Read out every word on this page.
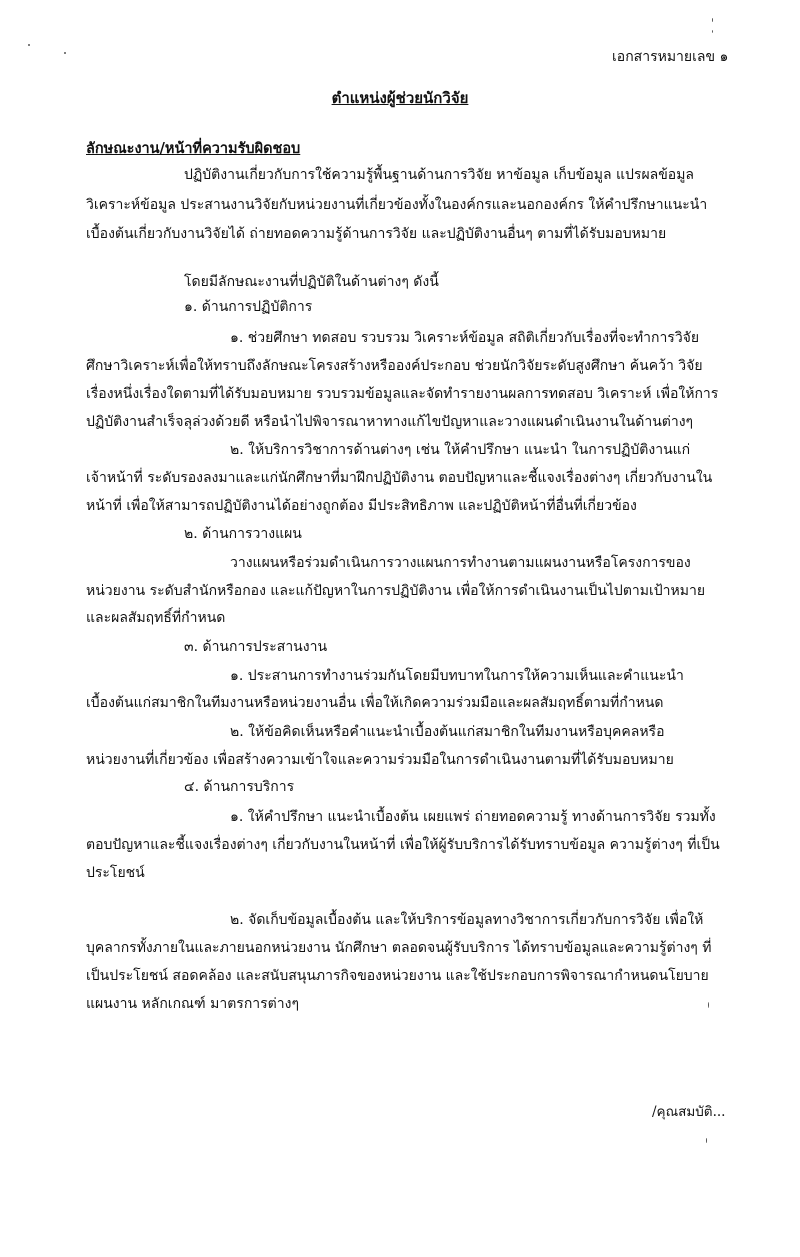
เอกสารหมายเลข ๑
ตำแหน่งผู้ช่วยนักวิจัย
ลักษณะงาน/หน้าที่ความรับผิดชอบ
ปฏิบัติงานเกี่ยวกับการใช้ความรู้พื้นฐานด้านการวิจัย หาข้อมูล เก็บข้อมูล แปรผลข้อมูล
วิเคราะห์ข้อมูล ประสานงานวิจัยกับหน่วยงานที่เกี่ยวข้องทั้งในองค์กรและนอกองค์กร ให้คำปรึกษาแนะนำ
เบื้องต้นเกี่ยวกับงานวิจัยได้ ถ่ายทอดความรู้ด้านการวิจัย และปฏิบัติงานอื่นๆ ตามที่ได้รับมอบหมาย
โดยมีลักษณะงานที่ปฏิบัติในด้านต่างๆ ดังนี้
๑. ด้านการปฏิบัติการ
๑. ช่วยศึกษา ทดสอบ รวบรวม วิเคราะห์ข้อมูล สถิติเกี่ยวกับเรื่องที่จะทำการวิจัย
ศึกษาวิเคราะห์เพื่อให้ทราบถึงลักษณะโครงสร้างหรือองค์ประกอบ ช่วยนักวิจัยระดับสูงศึกษา ค้นคว้า วิจัย
เรื่องหนึ่งเรื่องใดตามที่ได้รับมอบหมาย รวบรวมข้อมูลและจัดทำรายงานผลการทดสอบ วิเคราะห์ เพื่อให้การ
ปฏิบัติงานสำเร็จลุล่วงด้วยดี หรือนำไปพิจารณาหาทางแก้ไขปัญหาและวางแผนดำเนินงานในด้านต่างๆ
๒. ให้บริการวิชาการด้านต่างๆ เช่น ให้คำปรึกษา แนะนำ ในการปฏิบัติงานแก่
เจ้าหน้าที่ ระดับรองลงมาและแก่นักศึกษาที่มาฝึกปฏิบัติงาน ตอบปัญหาและชี้แจงเรื่องต่างๆ เกี่ยวกับงานใน
หน้าที่ เพื่อให้สามารถปฏิบัติงานได้อย่างถูกต้อง มีประสิทธิภาพ และปฏิบัติหน้าที่อื่นที่เกี่ยวข้อง
๒. ด้านการวางแผน
วางแผนหรือร่วมดำเนินการวางแผนการทำงานตามแผนงานหรือโครงการของ
หน่วยงาน ระดับสำนักหรือกอง และแก้ปัญหาในการปฏิบัติงาน เพื่อให้การดำเนินงานเป็นไปตามเป้าหมาย
และผลสัมฤทธิ์ที่กำหนด
๓. ด้านการประสานงาน
๑. ประสานการทำงานร่วมกันโดยมีบทบาทในการให้ความเห็นและคำแนะนำ
เบื้องต้นแก่สมาชิกในทีมงานหรือหน่วยงานอื่น เพื่อให้เกิดความร่วมมือและผลสัมฤทธิ์ตามที่กำหนด
๒. ให้ข้อคิดเห็นหรือคำแนะนำเบื้องต้นแก่สมาชิกในทีมงานหรือบุคคลหรือ
หน่วยงานที่เกี่ยวข้อง เพื่อสร้างความเข้าใจและความร่วมมือในการดำเนินงานตามที่ได้รับมอบหมาย
๔. ด้านการบริการ
๑. ให้คำปรึกษา แนะนำเบื้องต้น เผยแพร่ ถ่ายทอดความรู้ ทางด้านการวิจัย รวมทั้ง
ตอบปัญหาและชี้แจงเรื่องต่างๆ เกี่ยวกับงานในหน้าที่ เพื่อให้ผู้รับบริการได้รับทราบข้อมูล ความรู้ต่างๆ ที่เป็น
ประโยชน์
๒. จัดเก็บข้อมูลเบื้องต้น และให้บริการข้อมูลทางวิชาการเกี่ยวกับการวิจัย เพื่อให้
บุคลากรทั้งภายในและภายนอกหน่วยงาน นักศึกษา ตลอดจนผู้รับบริการ ได้ทราบข้อมูลและความรู้ต่างๆ ที่
เป็นประโยชน์ สอดคล้อง และสนับสนุนภารกิจของหน่วยงาน และใช้ประกอบการพิจารณากำหนดนโยบาย
แผนงาน หลักเกณฑ์ มาตรการต่างๆ
/คุณสมบัติ...
